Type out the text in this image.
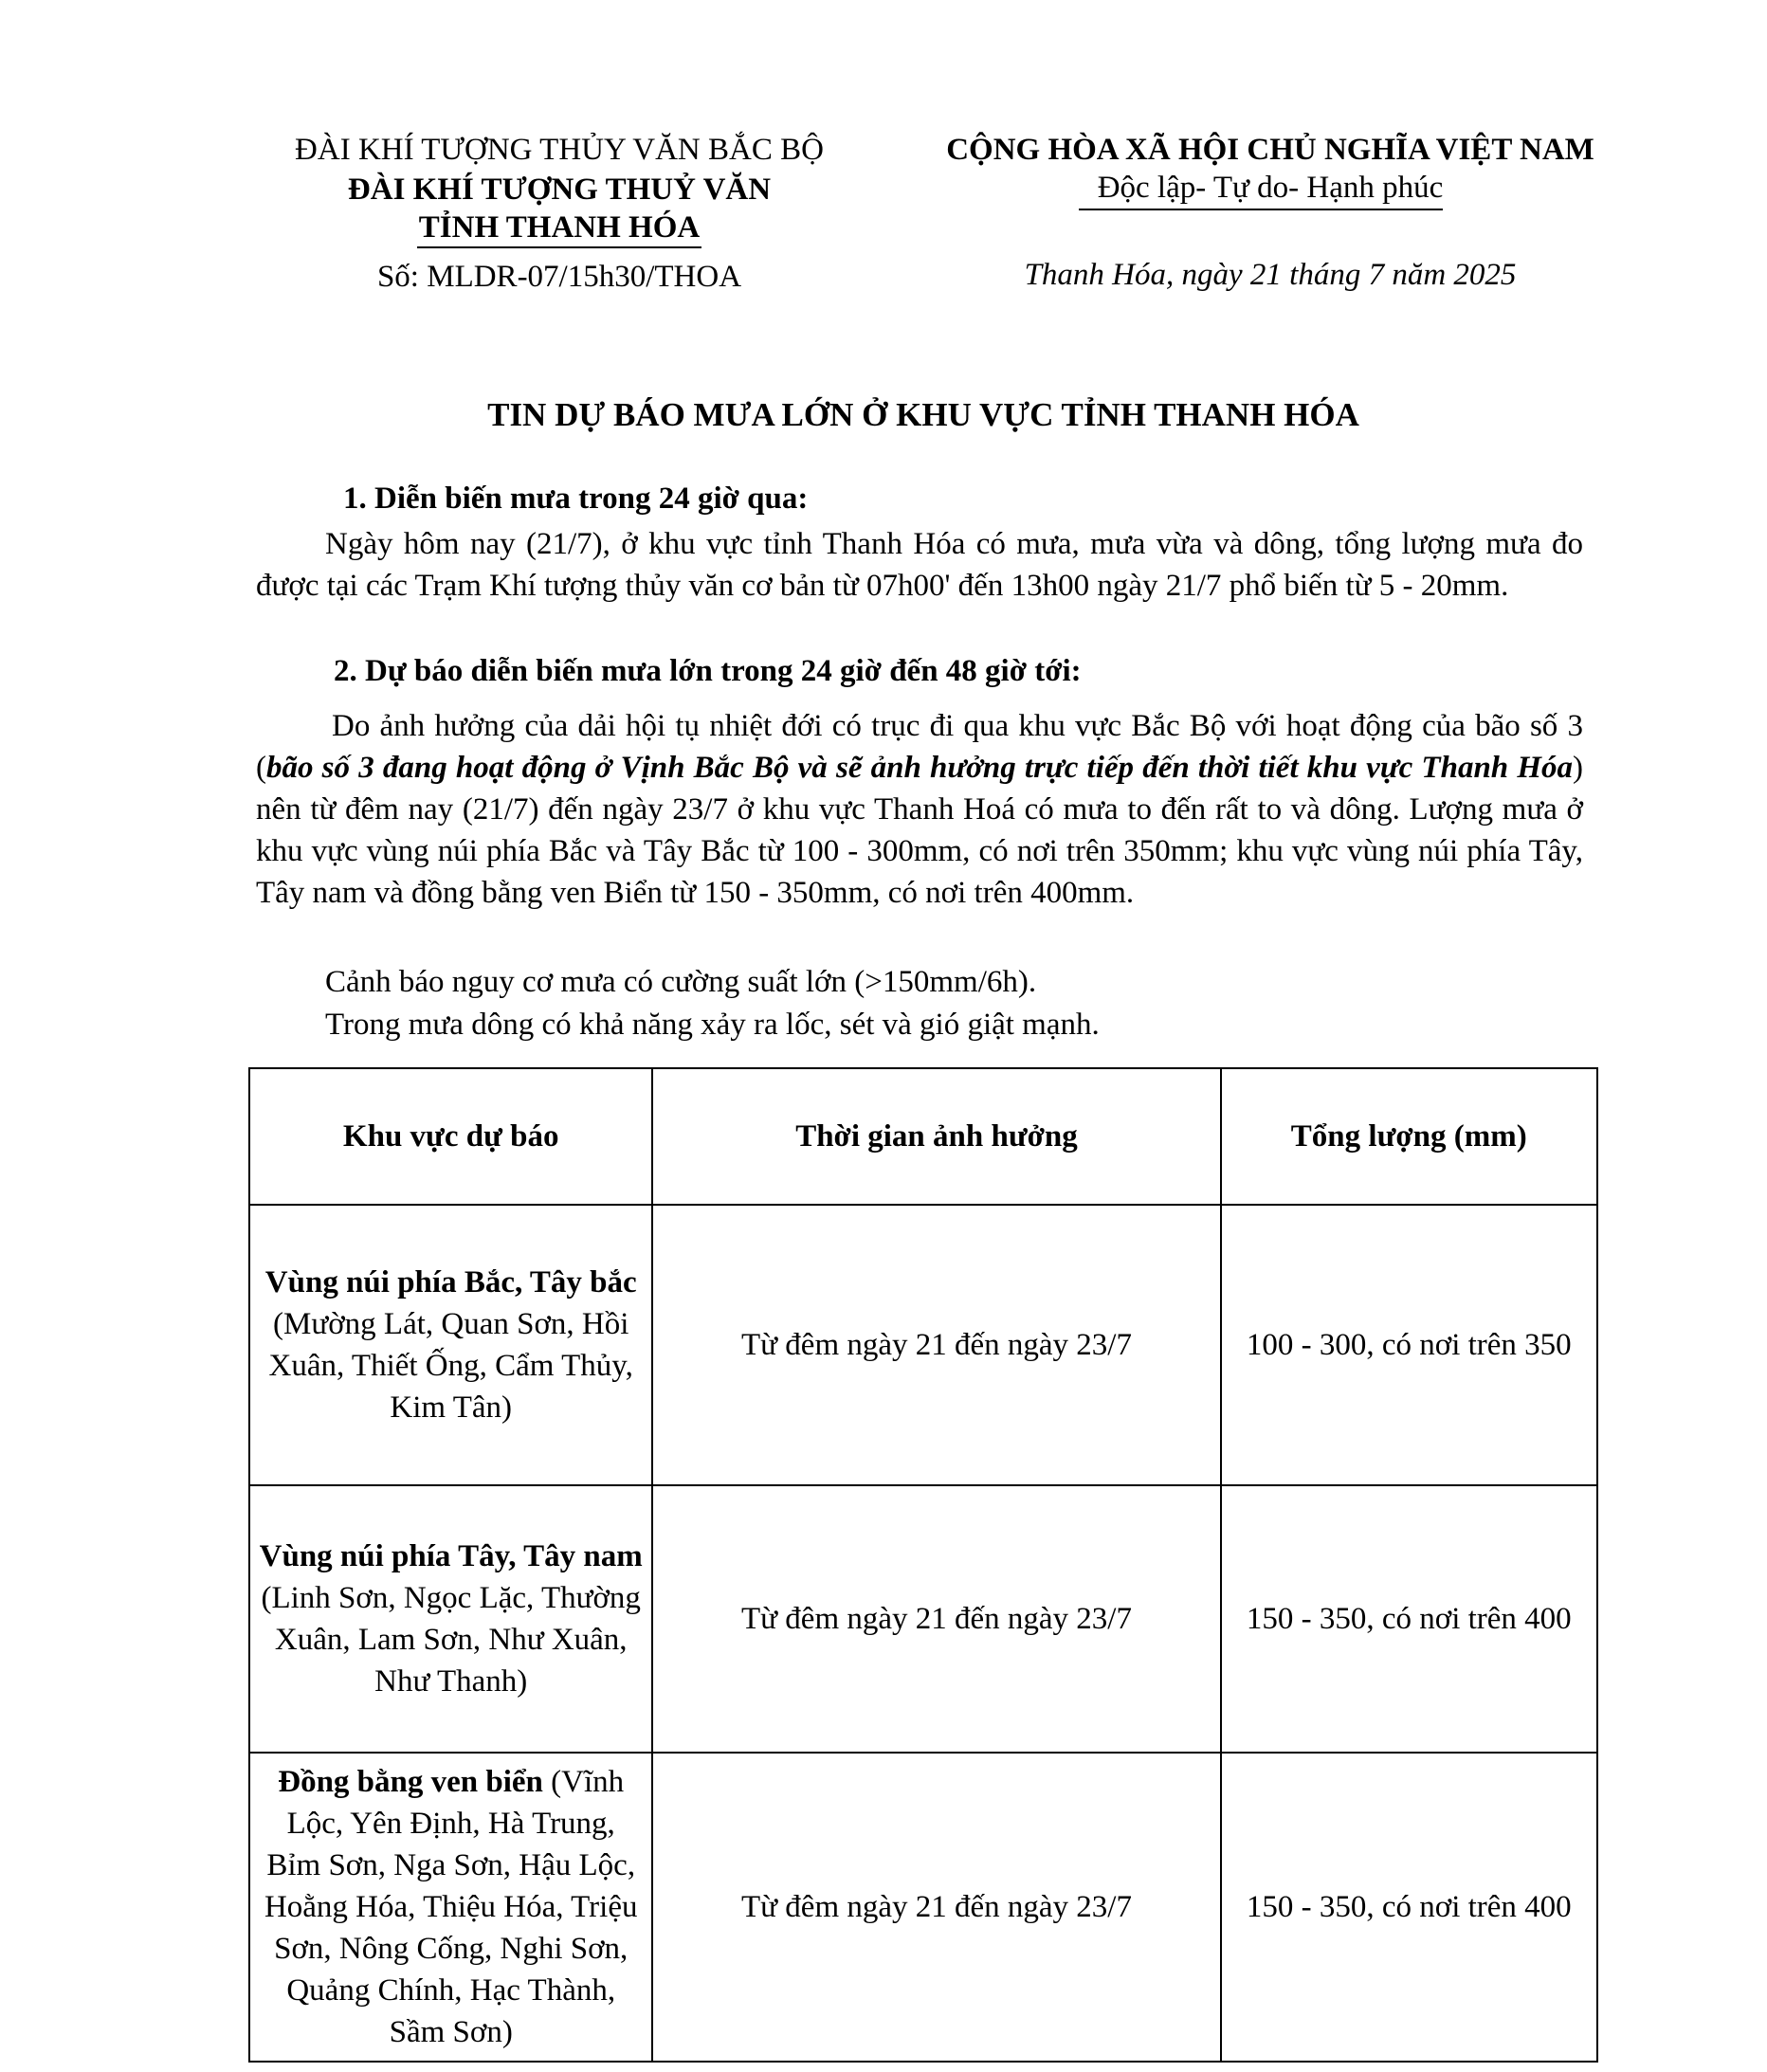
ĐÀI KHÍ TƯỢNG THỦY VĂN BẮC BỘ
ĐÀI KHÍ TƯỢNG THUỶ VĂN
TỈNH THANH HÓA
Số: MLDR-07/15h30/THOA
CỘNG HÒA XÃ HỘI CHỦ NGHĨA VIỆT NAM
Độc lập- Tự do- Hạnh phúc
Thanh Hóa, ngày 21 tháng 7 năm 2025
TIN DỰ BÁO MƯA LỚN Ở KHU VỰC TỈNH THANH HÓA
1. Diễn biến mưa trong 24 giờ qua:
Ngày hôm nay (21/7), ở khu vực tỉnh Thanh Hóa có mưa, mưa vừa và dông, tổng lượng mưa đo được tại các Trạm Khí tượng thủy văn cơ bản từ 07h00' đến 13h00 ngày 21/7 phổ biến từ 5 - 20mm.
2. Dự báo diễn biến mưa lớn trong 24 giờ đến 48 giờ tới:
Do ảnh hưởng của dải hội tụ nhiệt đới có trục đi qua khu vực Bắc Bộ với hoạt động của bão số 3 (bão số 3 đang hoạt động ở Vịnh Bắc Bộ và sẽ ảnh hưởng trực tiếp đến thời tiết khu vực Thanh Hóa) nên từ đêm nay (21/7) đến ngày 23/7 ở khu vực Thanh Hoá có mưa to đến rất to và dông. Lượng mưa ở khu vực vùng núi phía Bắc và Tây Bắc từ 100 - 300mm, có nơi trên 350mm; khu vực vùng núi phía Tây, Tây nam và đồng bằng ven Biển từ 150 - 350mm, có nơi trên 400mm.
Cảnh báo nguy cơ mưa có cường suất lớn (>150mm/6h).
Trong mưa dông có khả năng xảy ra lốc, sét và gió giật mạnh.
Khu vực dự báo	Thời gian ảnh hưởng	Tổng lượng (mm)
Vùng núi phía Bắc, Tây bắc (Mường Lát, Quan Sơn, Hồi Xuân, Thiết Ống, Cẩm Thủy, Kim Tân)	Từ đêm ngày 21 đến ngày 23/7	100 - 300, có nơi trên 350
Vùng núi phía Tây, Tây nam (Linh Sơn, Ngọc Lặc, Thường Xuân, Lam Sơn, Như Xuân, Như Thanh)	Từ đêm ngày 21 đến ngày 23/7	150 - 350, có nơi trên 400
Đồng bằng ven biển (Vĩnh Lộc, Yên Định, Hà Trung, Bỉm Sơn, Nga Sơn, Hậu Lộc, Hoằng Hóa, Thiệu Hóa, Triệu Sơn, Nông Cống, Nghi Sơn, Quảng Chính, Hạc Thành, Sầm Sơn)	Từ đêm ngày 21 đến ngày 23/7	150 - 350, có nơi trên 400
